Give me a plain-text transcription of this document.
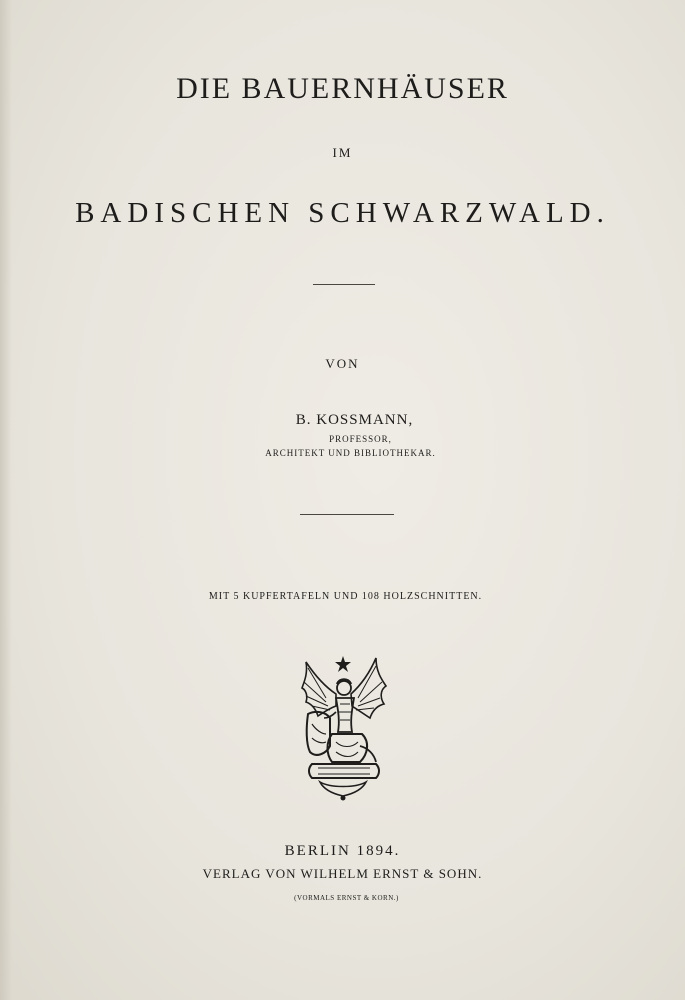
DIE BAUERNHÄUSER
IM
BADISCHEN SCHWARZWALD.
VON
B. KOSSMANN,
PROFESSOR,
ARCHITEKT UND BIBLIOTHEKAR.
MIT 5 KUPFERTAFELN UND 108 HOLZSCHNITTEN.
BERLIN 1894.
VERLAG VON WILHELM ERNST & SOHN.
(VORMALS ERNST & KORN.)
